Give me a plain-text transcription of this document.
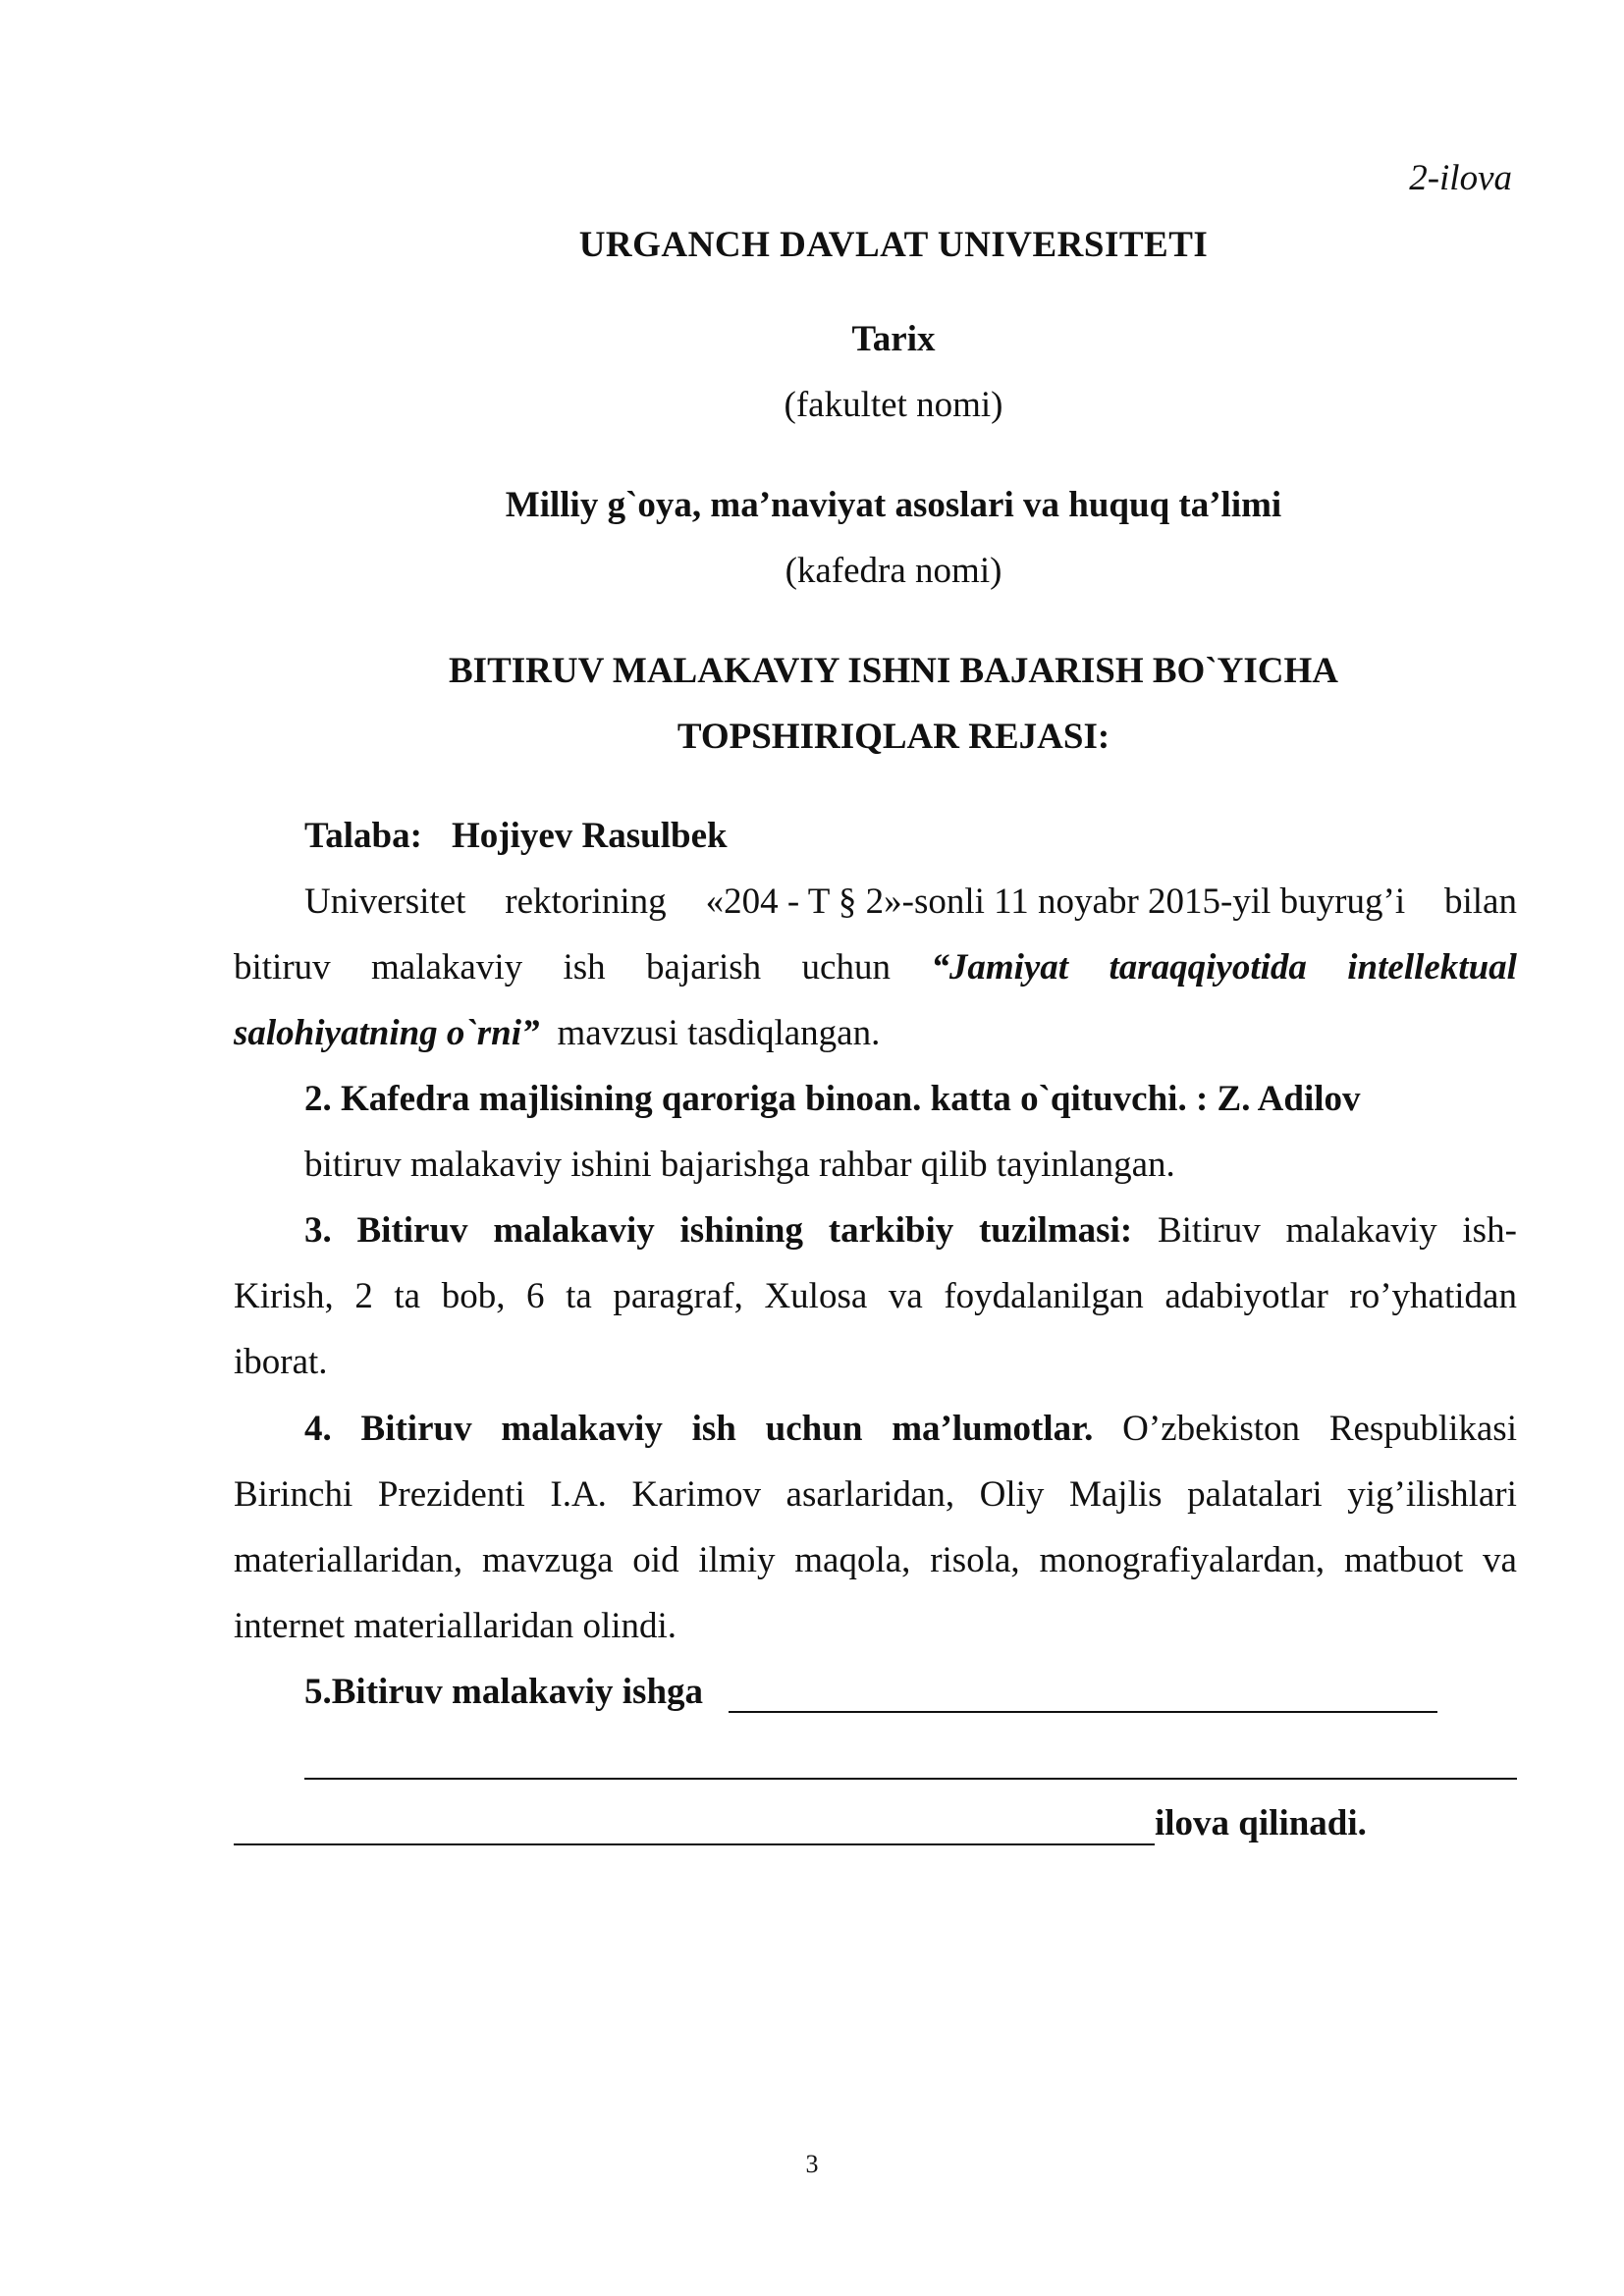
2-ilova
URGANCH DAVLAT UNIVERSITETI
Tarix
(fakultet nomi)
Milliy g`oya, ma’naviyat asoslari va huquq ta’limi
(kafedra nomi)
BITIRUV MALAKAVIY ISHNI BAJARISH BO`YICHA
TOPSHIRIQLAR REJASI:
Talaba: Hojiyev Rasulbek
Universitet rektorining «204 - T § 2»-sonli 11 noyabr 2015-yil buyrug’i bilan
bitiruv malakaviy ish bajarish uchun “Jamiyat taraqqiyotida intellektual
salohiyatning o`rni” mavzusi tasdiqlangan.
2. Kafedra majlisining qaroriga binoan. katta o`qituvchi. : Z. Adilov
bitiruv malakaviy ishini bajarishga rahbar qilib tayinlangan.
3. Bitiruv malakaviy ishining tarkibiy tuzilmasi: Bitiruv malakaviy ish-
Kirish, 2 ta bob, 6 ta paragraf, Xulosa va foydalanilgan adabiyotlar ro’yhatidan
iborat.
4. Bitiruv malakaviy ish uchun ma’lumotlar. O’zbekiston Respublikasi
Birinchi Prezidenti I.A. Karimov asarlaridan, Oliy Majlis palatalari yig’ilishlari
materiallaridan, mavzuga oid ilmiy maqola, risola, monografiyalardan, matbuot va
internet materiallaridan olindi.
5.Bitiruv malakaviy ishga
ilova qilinadi.
3
